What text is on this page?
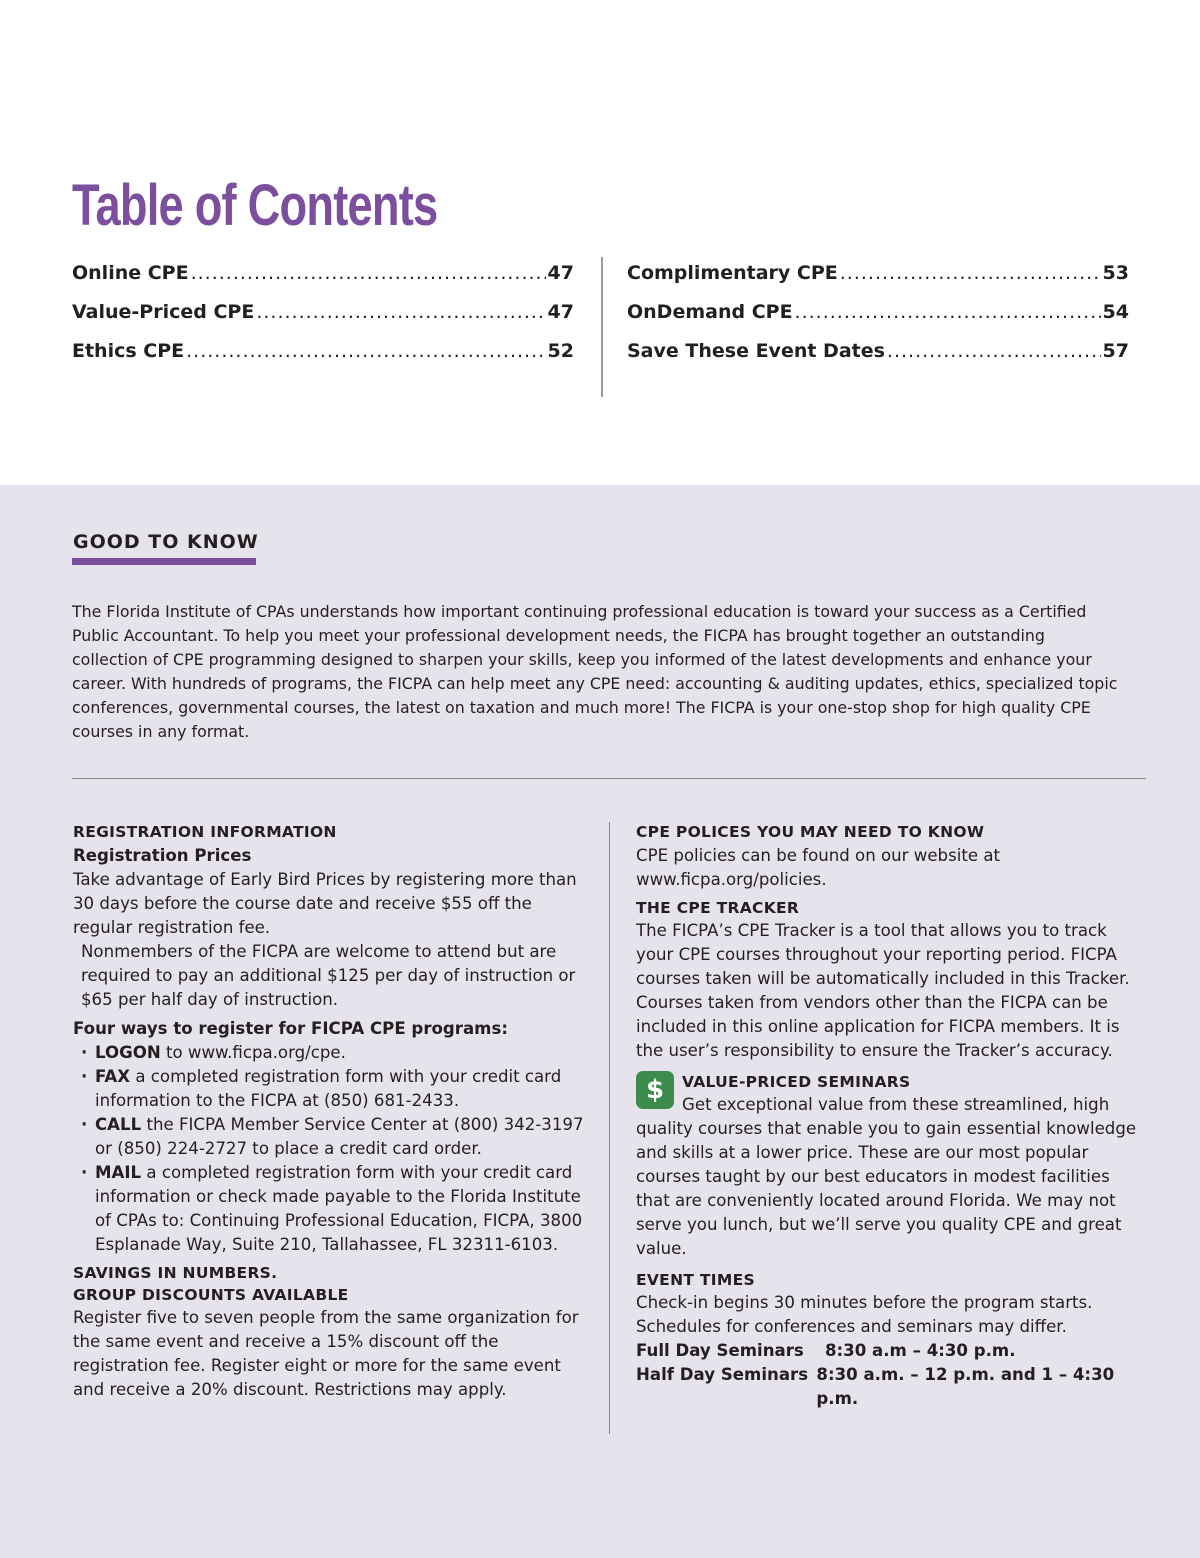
Table of Contents
Online CPE .....	47
Value-Priced CPE .....	47
Ethics CPE .....	52
Complimentary CPE .....	53
OnDemand CPE .....	54
Save These Event Dates .....	57
GOOD TO KNOW

The Florida Institute of CPAs understands how important continuing professional education is toward your success as a Certified Public Accountant. To help you meet your professional development needs, the FICPA has brought together an outstanding collection of CPE programming designed to sharpen your skills, keep you informed of the latest developments and enhance your career. With hundreds of programs, the FICPA can help meet any CPE need: accounting & auditing updates, ethics, specialized topic conferences, governmental courses, the latest on taxation and much more! The FICPA is your one-stop shop for high quality CPE courses in any format.

REGISTRATION INFORMATION
Registration Prices

Take advantage of Early Bird Prices by registering more than 30 days before the course date and receive $55 off the regular registration fee.

Nonmembers of the FICPA are welcome to attend but are required to pay an additional $125 per day of instruction or $65 per half day of instruction.

Four ways to register for FICPA CPE programs:
· LOGON to www.ficpa.org/cpe.
· FAX a completed registration form with your credit card information to the FICPA at (850) 681-2433.
· CALL the FICPA Member Service Center at (800) 342-3197 or (850) 224-2727 to place a credit card order.
· MAIL a completed registration form with your credit card information or check made payable to the Florida Institute of CPAs to: Continuing Professional Education, FICPA, 3800 Esplanade Way, Suite 210, Tallahassee, FL 32311-6103.
SAVINGS IN NUMBERS.
GROUP DISCOUNTS AVAILABLE

Register five to seven people from the same organization for the same event and receive a 15% discount off the registration fee. Register eight or more for the same event and receive a 20% discount. Restrictions may apply.

CPE POLICES YOU MAY NEED TO KNOW

CPE policies can be found on our website at www.ficpa.org/policies.

THE CPE TRACKER

The FICPA’s CPE Tracker is a tool that allows you to track your CPE courses throughout your reporting period. FICPA courses taken will be automatically included in this Tracker. Courses taken from vendors other than the FICPA can be included in this online application for FICPA members. It is the user’s responsibility to ensure the Tracker’s accuracy.

$	VALUE-PRICED SEMINARS

Get exceptional value from these streamlined, high quality courses that enable you to gain essential knowledge and skills at a lower price. These are our most popular courses taught by our best educators in modest facilities that are conveniently located around Florida. We may not serve you lunch, but we’ll serve you quality CPE and great value.

EVENT TIMES

Check-in begins 30 minutes before the program starts. Schedules for conferences and seminars may differ.

Full Day Seminars	8:30 a.m – 4:30 p.m.
Half Day Seminars 8:30 a.m. – 12 p.m. and 1 – 4:30 p.m.
